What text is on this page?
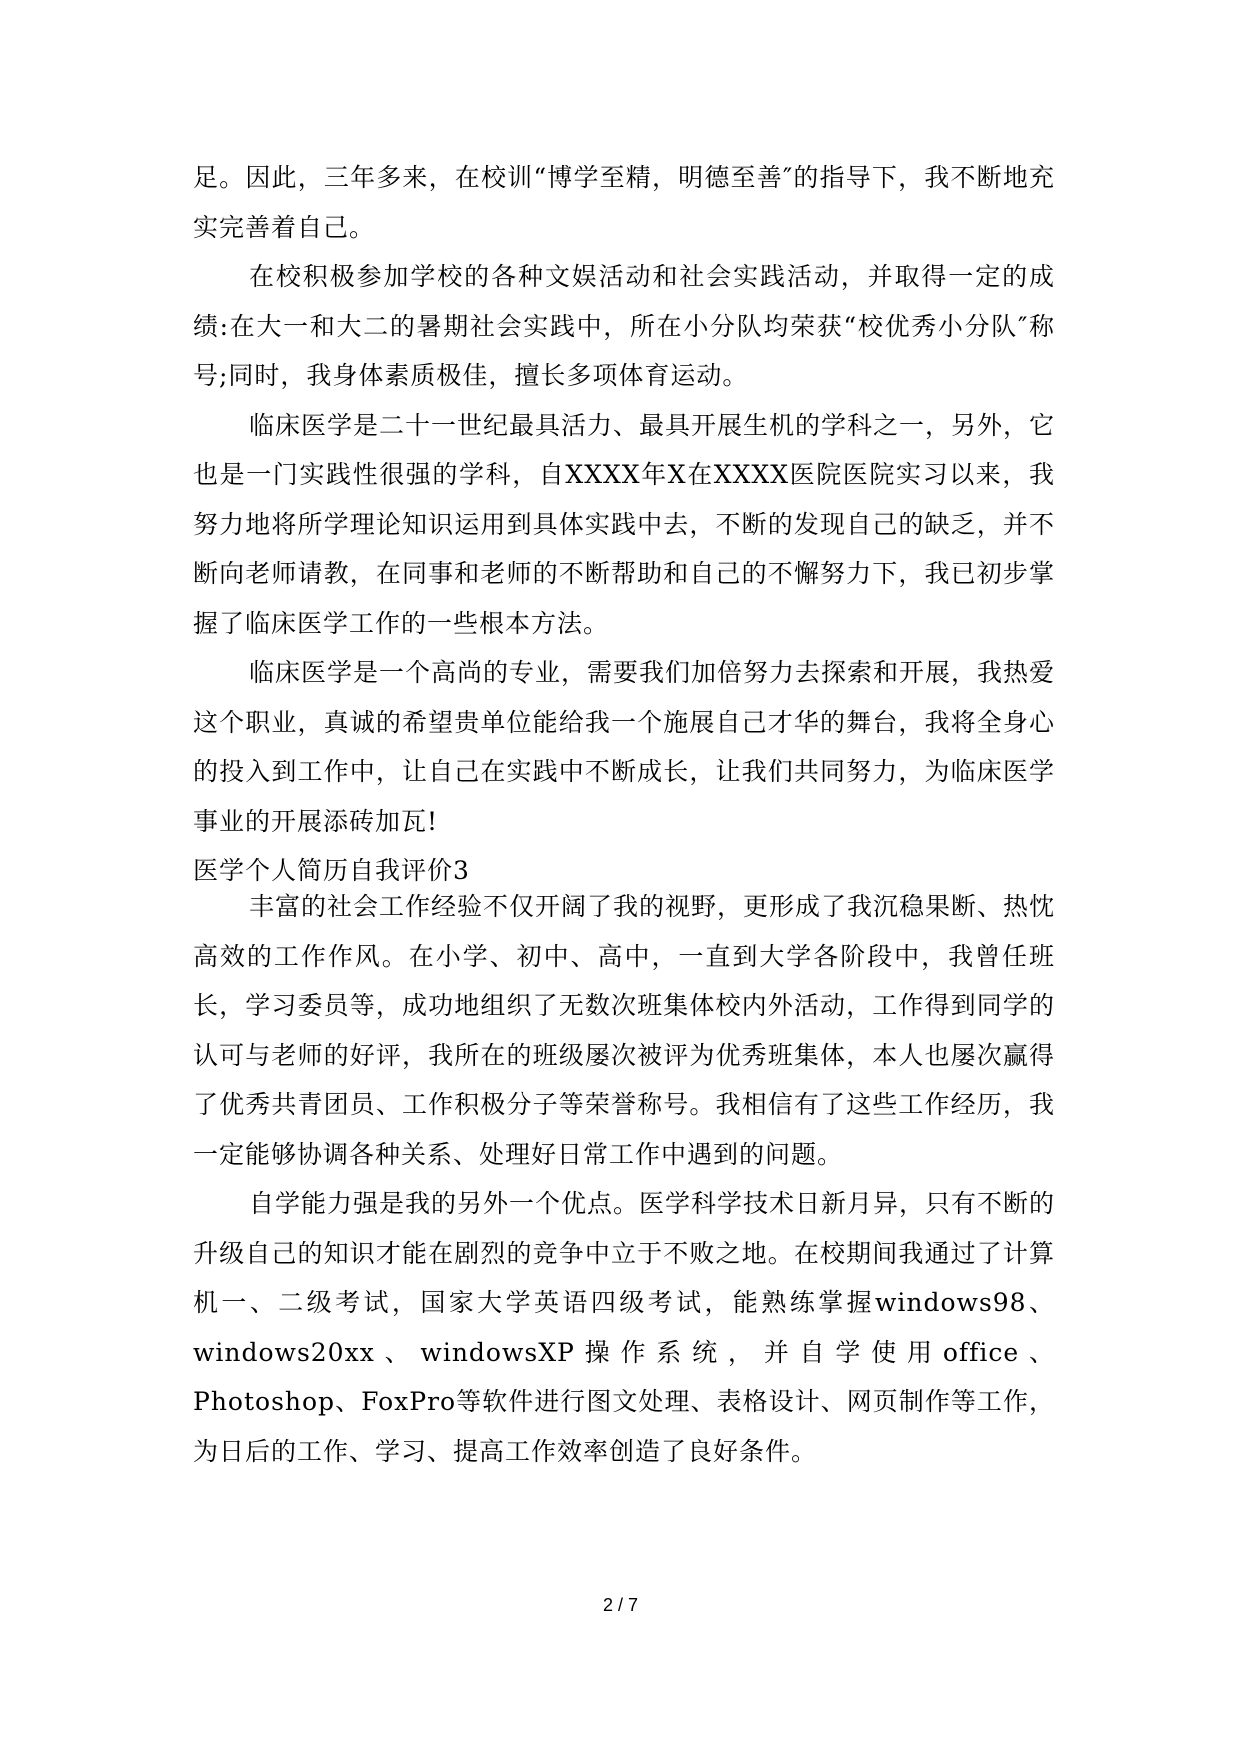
足。因此，三年多来，在校训“博学至精，明德至善″的指导下，我不断地充实完善着自己。

在校积极参加学校的各种文娱活动和社会实践活动，并取得一定的成绩:在大一和大二的暑期社会实践中，所在小分队均荣获“校优秀小分队″称号;同时，我身体素质极佳，擅长多项体育运动。

临床医学是二十一世纪最具活力、最具开展生机的学科之一，另外，它也是一门实践性很强的学科，自XXXX年X在XXXX医院医院实习以来，我努力地将所学理论知识运用到具体实践中去，不断的发现自己的缺乏，并不断向老师请教，在同事和老师的不断帮助和自己的不懈努力下，我已初步掌握了临床医学工作的一些根本方法。

临床医学是一个高尚的专业，需要我们加倍努力去探索和开展，我热爱这个职业，真诚的希望贵单位能给我一个施展自己才华的舞台，我将全身心的投入到工作中，让自己在实践中不断成长，让我们共同努力，为临床医学事业的开展添砖加瓦!

医学个人简历自我评价3

丰富的社会工作经验不仅开阔了我的视野，更形成了我沉稳果断、热忱高效的工作作风。在小学、初中、高中，一直到大学各阶段中，我曾任班长，学习委员等，成功地组织了无数次班集体校内外活动，工作得到同学的认可与老师的好评，我所在的班级屡次被评为优秀班集体，本人也屡次赢得了优秀共青团员、工作积极分子等荣誉称号。我相信有了这些工作经历，我一定能够协调各种关系、处理好日常工作中遇到的问题。

自学能力强是我的另外一个优点。医学科学技术日新月异，只有不断的升级自己的知识才能在剧烈的竞争中立于不败之地。在校期间我通过了计算机一、二级考试，国家大学英语四级考试，能熟练掌握windows98、windows20xx、windowsXP操作系统，并自学使用office、Photoshop、FoxPro等软件进行图文处理、表格设计、网页制作等工作，为日后的工作、学习、提高工作效率创造了良好条件。

2 / 7
